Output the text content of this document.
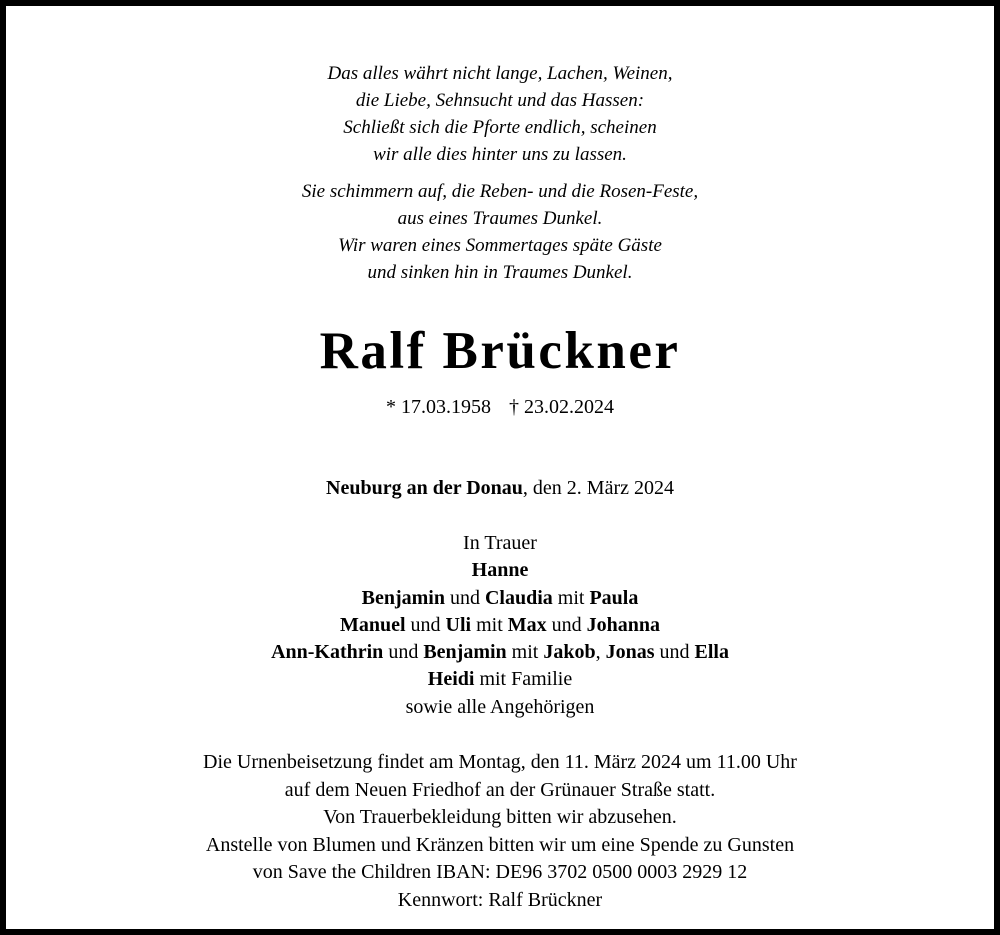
Das alles währt nicht lange, Lachen, Weinen,
die Liebe, Sehnsucht und das Hassen:
Schließt sich die Pforte endlich, scheinen
wir alle dies hinter uns zu lassen.
Sie schimmern auf, die Reben- und die Rosen-Feste,
aus eines Traumes Dunkel.
Wir waren eines Sommertages späte Gäste
und sinken hin in Traumes Dunkel.
Ralf Brückner
* 17.03.1958 † 23.02.2024
Neuburg an der Donau, den 2. März 2024
In Trauer
Hanne
Benjamin und Claudia mit Paula
Manuel und Uli mit Max und Johanna
Ann-Kathrin und Benjamin mit Jakob, Jonas und Ella
Heidi mit Familie
sowie alle Angehörigen
Die Urnenbeisetzung findet am Montag, den 11. März 2024 um 11.00 Uhr
auf dem Neuen Friedhof an der Grünauer Straße statt.
Von Trauerbekleidung bitten wir abzusehen.
Anstelle von Blumen und Kränzen bitten wir um eine Spende zu Gunsten
von Save the Children IBAN: DE96 3702 0500 0003 2929 12
Kennwort: Ralf Brückner
